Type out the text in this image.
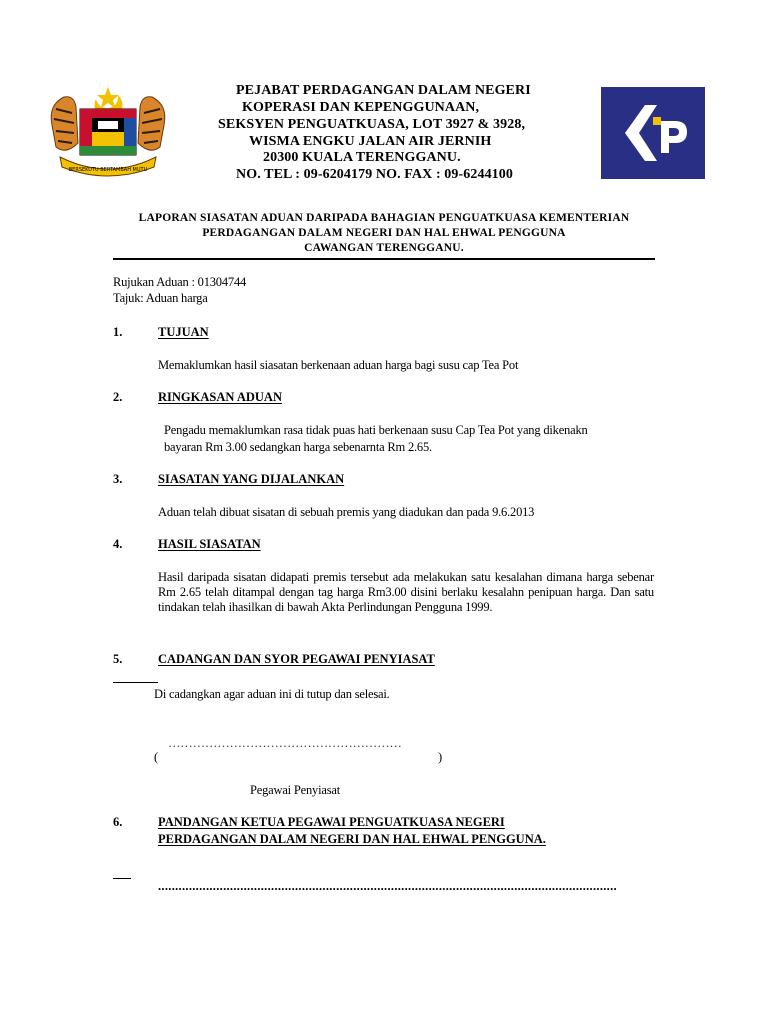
BERSEKUTU BERTAMBAH MUTU
PEJABAT PERDAGANGAN DALAM NEGERI
KOPERASI DAN KEPENGGUNAAN,
SEKSYEN PENGUATKUASA, LOT 3927 & 3928,
WISMA ENGKU JALAN AIR JERNIH
20300 KUALA TERENGGANU.
NO. TEL : 09-6204179 NO. FAX : 09-6244100
LAPORAN SIASATAN ADUAN DARIPADA BAHAGIAN PENGUATKUASA KEMENTERIAN
PERDAGANGAN DALAM NEGERI DAN HAL EHWAL PENGGUNA
CAWANGAN TERENGGANU.
Rujukan Aduan : 01304744
Tajuk: Aduan harga
1.	TUJUAN
Memaklumkan hasil siasatan berkenaan aduan harga bagi susu cap Tea Pot
2.	RINGKASAN ADUAN
Pengadu memaklumkan rasa tidak puas hati berkenaan susu Cap Tea Pot yang dikenakn
bayaran Rm 3.00 sedangkan harga sebenarnta Rm 2.65.
3.	SIASATAN YANG DIJALANKAN
Aduan telah dibuat sisatan di sebuah premis yang diadukan dan pada 9.6.2013
4.	HASIL SIASATAN
Hasil daripada sisatan didapati premis tersebut ada melakukan satu kesalahan dimana harga sebenar Rm 2.65 telah ditampal dengan tag harga Rm3.00 disini berlaku kesalahn penipuan harga. Dan satu tindakan telah ihasilkan di bawah Akta Perlindungan Pengguna 1999.
5.	CADANGAN DAN SYOR PEGAWAI PENYIASAT
Di cadangkan agar aduan ini di tutup dan selesai.
…………………………………………………
(	)
Pegawai Penyiasat
6.	PANDANGAN KETUA PEGAWAI PENGUATKUASA NEGERI
PERDAGANGAN DALAM NEGERI DAN HAL EHWAL PENGGUNA.
......................................................................................................................................
